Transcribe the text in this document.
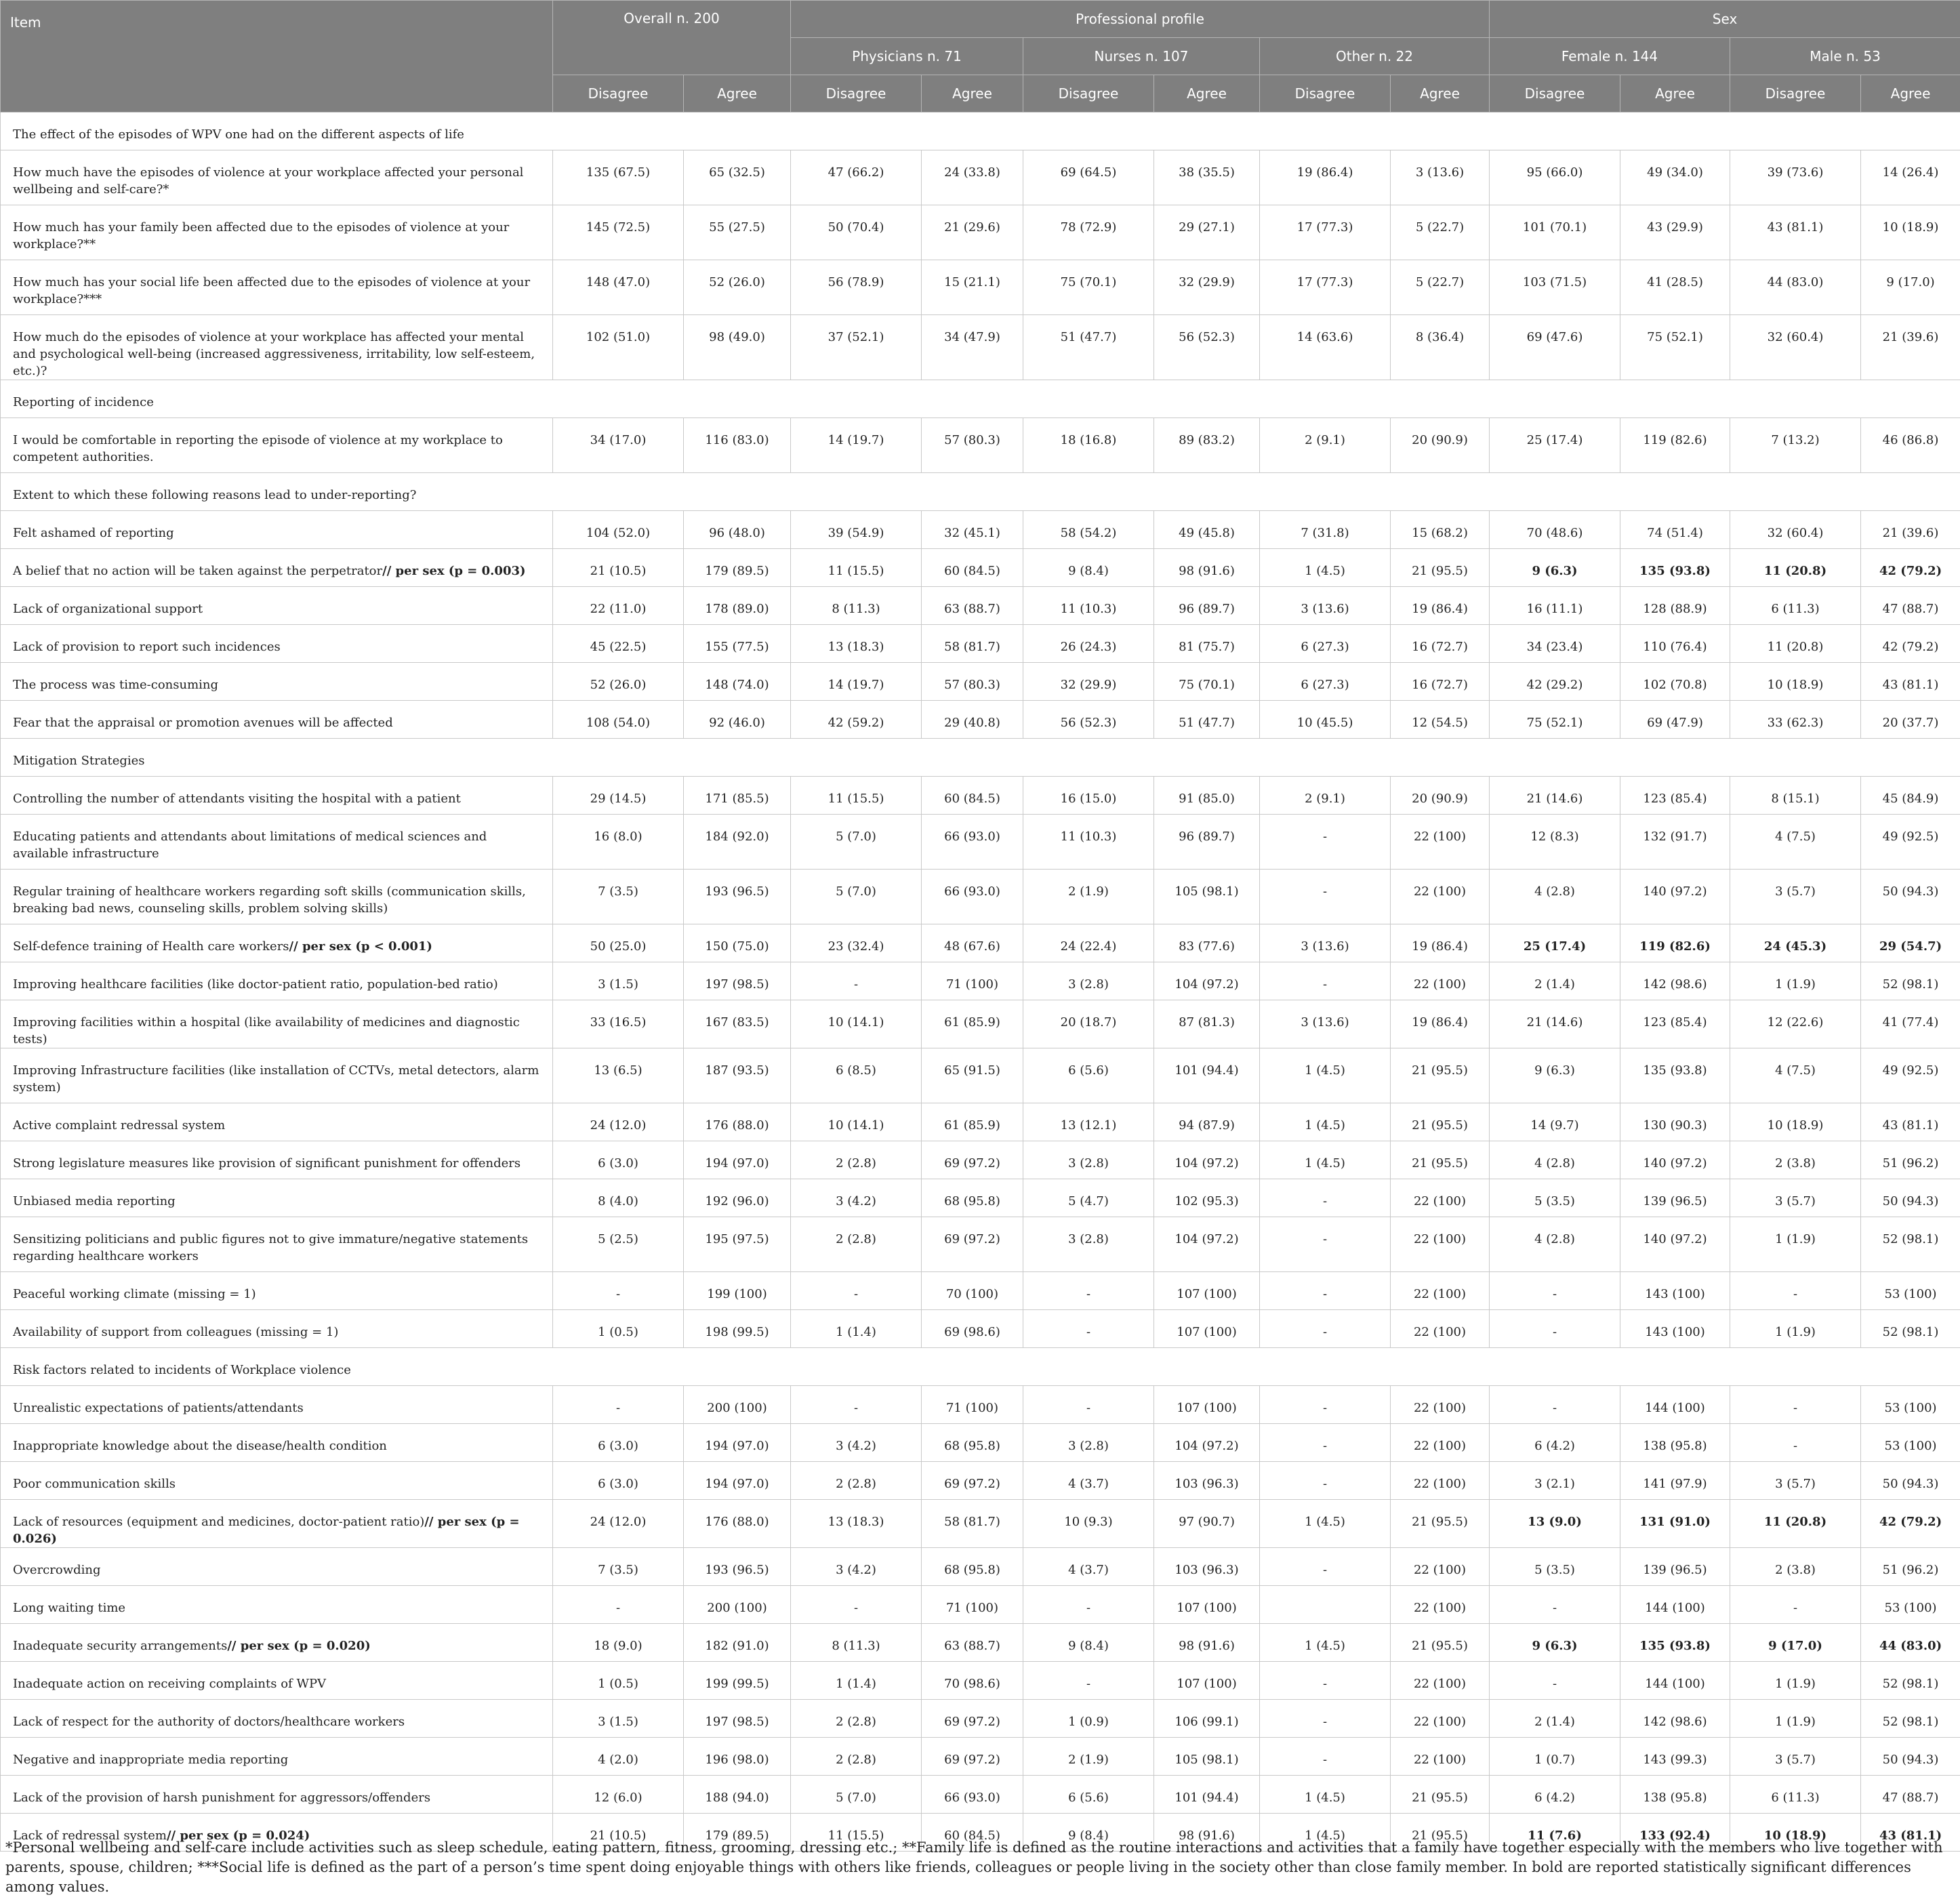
Item	Overall n. 200		Professional profile						Sex			
			Physicians n. 71		Nurses n. 107		Other n. 22		Female n. 144		Male n. 53	
	Disagree	Agree	Disagree	Agree	Disagree	Agree	Disagree	Agree	Disagree	Agree	Disagree	Agree
The effect of the episodes of WPV one had on the different aspects of life												
How much have the episodes of violence at your workplace affected your personal wellbeing and self-care?*	135 (67.5)	65 (32.5)	47 (66.2)	24 (33.8)	69 (64.5)	38 (35.5)	19 (86.4)	3 (13.6)	95 (66.0)	49 (34.0)	39 (73.6)	14 (26.4)
How much has your family been affected due to the episodes of violence at your workplace?**	145 (72.5)	55 (27.5)	50 (70.4)	21 (29.6)	78 (72.9)	29 (27.1)	17 (77.3)	5 (22.7)	101 (70.1)	43 (29.9)	43 (81.1)	10 (18.9)
How much has your social life been affected due to the episodes of violence at your workplace?***	148 (47.0)	52 (26.0)	56 (78.9)	15 (21.1)	75 (70.1)	32 (29.9)	17 (77.3)	5 (22.7)	103 (71.5)	41 (28.5)	44 (83.0)	9 (17.0)
How much do the episodes of violence at your workplace has affected your mental and psychological well-being (increased aggressiveness, irritability, low self-esteem, etc.)?	102 (51.0)	98 (49.0)	37 (52.1)	34 (47.9)	51 (47.7)	56 (52.3)	14 (63.6)	8 (36.4)	69 (47.6)	75 (52.1)	32 (60.4)	21 (39.6)
Reporting of incidence												
I would be comfortable in reporting the episode of violence at my workplace to competent authorities.	34 (17.0)	116 (83.0)	14 (19.7)	57 (80.3)	18 (16.8)	89 (83.2)	2 (9.1)	20 (90.9)	25 (17.4)	119 (82.6)	7 (13.2)	46 (86.8)
Extent to which these following reasons lead to under-reporting?												
Felt ashamed of reporting	104 (52.0)	96 (48.0)	39 (54.9)	32 (45.1)	58 (54.2)	49 (45.8)	7 (31.8)	15 (68.2)	70 (48.6)	74 (51.4)	32 (60.4)	21 (39.6)
A belief that no action will be taken against the perpetrator// per sex (p = 0.003)	21 (10.5)	179 (89.5)	11 (15.5)	60 (84.5)	9 (8.4)	98 (91.6)	1 (4.5)	21 (95.5)	9 (6.3)	135 (93.8)	11 (20.8)	42 (79.2)
Lack of organizational support	22 (11.0)	178 (89.0)	8 (11.3)	63 (88.7)	11 (10.3)	96 (89.7)	3 (13.6)	19 (86.4)	16 (11.1)	128 (88.9)	6 (11.3)	47 (88.7)
Lack of provision to report such incidences	45 (22.5)	155 (77.5)	13 (18.3)	58 (81.7)	26 (24.3)	81 (75.7)	6 (27.3)	16 (72.7)	34 (23.4)	110 (76.4)	11 (20.8)	42 (79.2)
The process was time-consuming	52 (26.0)	148 (74.0)	14 (19.7)	57 (80.3)	32 (29.9)	75 (70.1)	6 (27.3)	16 (72.7)	42 (29.2)	102 (70.8)	10 (18.9)	43 (81.1)
Fear that the appraisal or promotion avenues will be affected	108 (54.0)	92 (46.0)	42 (59.2)	29 (40.8)	56 (52.3)	51 (47.7)	10 (45.5)	12 (54.5)	75 (52.1)	69 (47.9)	33 (62.3)	20 (37.7)
Mitigation Strategies												
Controlling the number of attendants visiting the hospital with a patient	29 (14.5)	171 (85.5)	11 (15.5)	60 (84.5)	16 (15.0)	91 (85.0)	2 (9.1)	20 (90.9)	21 (14.6)	123 (85.4)	8 (15.1)	45 (84.9)
Educating patients and attendants about limitations of medical sciences and available infrastructure	16 (8.0)	184 (92.0)	5 (7.0)	66 (93.0)	11 (10.3)	96 (89.7)	-	22 (100)	12 (8.3)	132 (91.7)	4 (7.5)	49 (92.5)
Regular training of healthcare workers regarding soft skills (communication skills, breaking bad news, counseling skills, problem solving skills)	7 (3.5)	193 (96.5)	5 (7.0)	66 (93.0)	2 (1.9)	105 (98.1)	-	22 (100)	4 (2.8)	140 (97.2)	3 (5.7)	50 (94.3)
Self-defence training of Health care workers// per sex (p < 0.001)	50 (25.0)	150 (75.0)	23 (32.4)	48 (67.6)	24 (22.4)	83 (77.6)	3 (13.6)	19 (86.4)	25 (17.4)	119 (82.6)	24 (45.3)	29 (54.7)
Improving healthcare facilities (like doctor-patient ratio, population-bed ratio)	3 (1.5)	197 (98.5)	-	71 (100)	3 (2.8)	104 (97.2)	-	22 (100)	2 (1.4)	142 (98.6)	1 (1.9)	52 (98.1)
Improving facilities within a hospital (like availability of medicines and diagnostic tests)	33 (16.5)	167 (83.5)	10 (14.1)	61 (85.9)	20 (18.7)	87 (81.3)	3 (13.6)	19 (86.4)	21 (14.6)	123 (85.4)	12 (22.6)	41 (77.4)
Improving Infrastructure facilities (like installation of CCTVs, metal detectors, alarm system)	13 (6.5)	187 (93.5)	6 (8.5)	65 (91.5)	6 (5.6)	101 (94.4)	1 (4.5)	21 (95.5)	9 (6.3)	135 (93.8)	4 (7.5)	49 (92.5)
Active complaint redressal system	24 (12.0)	176 (88.0)	10 (14.1)	61 (85.9)	13 (12.1)	94 (87.9)	1 (4.5)	21 (95.5)	14 (9.7)	130 (90.3)	10 (18.9)	43 (81.1)
Strong legislature measures like provision of significant punishment for offenders	6 (3.0)	194 (97.0)	2 (2.8)	69 (97.2)	3 (2.8)	104 (97.2)	1 (4.5)	21 (95.5)	4 (2.8)	140 (97.2)	2 (3.8)	51 (96.2)
Unbiased media reporting	8 (4.0)	192 (96.0)	3 (4.2)	68 (95.8)	5 (4.7)	102 (95.3)	-	22 (100)	5 (3.5)	139 (96.5)	3 (5.7)	50 (94.3)
Sensitizing politicians and public figures not to give immature/negative statements regarding healthcare workers	5 (2.5)	195 (97.5)	2 (2.8)	69 (97.2)	3 (2.8)	104 (97.2)	-	22 (100)	4 (2.8)	140 (97.2)	1 (1.9)	52 (98.1)
Peaceful working climate (missing = 1)	-	199 (100)	-	70 (100)	-	107 (100)	-	22 (100)	-	143 (100)	-	53 (100)
Availability of support from colleagues (missing = 1)	1 (0.5)	198 (99.5)	1 (1.4)	69 (98.6)	-	107 (100)	-	22 (100)	-	143 (100)	1 (1.9)	52 (98.1)
Risk factors related to incidents of Workplace violence												
Unrealistic expectations of patients/attendants	-	200 (100)	-	71 (100)	-	107 (100)	-	22 (100)	-	144 (100)	-	53 (100)
Inappropriate knowledge about the disease/health condition	6 (3.0)	194 (97.0)	3 (4.2)	68 (95.8)	3 (2.8)	104 (97.2)	-	22 (100)	6 (4.2)	138 (95.8)	-	53 (100)
Poor communication skills	6 (3.0)	194 (97.0)	2 (2.8)	69 (97.2)	4 (3.7)	103 (96.3)	-	22 (100)	3 (2.1)	141 (97.9)	3 (5.7)	50 (94.3)
Lack of resources (equipment and medicines, doctor-patient ratio)// per sex (p = 0.026)	24 (12.0)	176 (88.0)	13 (18.3)	58 (81.7)	10 (9.3)	97 (90.7)	1 (4.5)	21 (95.5)	13 (9.0)	131 (91.0)	11 (20.8)	42 (79.2)
Overcrowding	7 (3.5)	193 (96.5)	3 (4.2)	68 (95.8)	4 (3.7)	103 (96.3)	-	22 (100)	5 (3.5)	139 (96.5)	2 (3.8)	51 (96.2)
Long waiting time	-	200 (100)	-	71 (100)	-	107 (100)		22 (100)	-	144 (100)	-	53 (100)
Inadequate security arrangements// per sex (p = 0.020)	18 (9.0)	182 (91.0)	8 (11.3)	63 (88.7)	9 (8.4)	98 (91.6)	1 (4.5)	21 (95.5)	9 (6.3)	135 (93.8)	9 (17.0)	44 (83.0)
Inadequate action on receiving complaints of WPV	1 (0.5)	199 (99.5)	1 (1.4)	70 (98.6)	-	107 (100)	-	22 (100)	-	144 (100)	1 (1.9)	52 (98.1)
Lack of respect for the authority of doctors/healthcare workers	3 (1.5)	197 (98.5)	2 (2.8)	69 (97.2)	1 (0.9)	106 (99.1)	-	22 (100)	2 (1.4)	142 (98.6)	1 (1.9)	52 (98.1)
Negative and inappropriate media reporting	4 (2.0)	196 (98.0)	2 (2.8)	69 (97.2)	2 (1.9)	105 (98.1)	-	22 (100)	1 (0.7)	143 (99.3)	3 (5.7)	50 (94.3)
Lack of the provision of harsh punishment for aggressors/offenders	12 (6.0)	188 (94.0)	5 (7.0)	66 (93.0)	6 (5.6)	101 (94.4)	1 (4.5)	21 (95.5)	6 (4.2)	138 (95.8)	6 (11.3)	47 (88.7)
Lack of redressal system// per sex (p = 0.024)	21 (10.5)	179 (89.5)	11 (15.5)	60 (84.5)	9 (8.4)	98 (91.6)	1 (4.5)	21 (95.5)	11 (7.6)	133 (92.4)	10 (18.9)	43 (81.1)
*Personal wellbeing and self-care include activities such as sleep schedule, eating pattern, fitness, grooming, dressing etc.; **Family life is defined as the routine interactions and activities that a family have together especially with the members who live together with parents, spouse, children; ***Social life is defined as the part of a person’s time spent doing enjoyable things with others like friends, colleagues or people living in the society other than close family member. In bold are reported statistically significant differences among values.
